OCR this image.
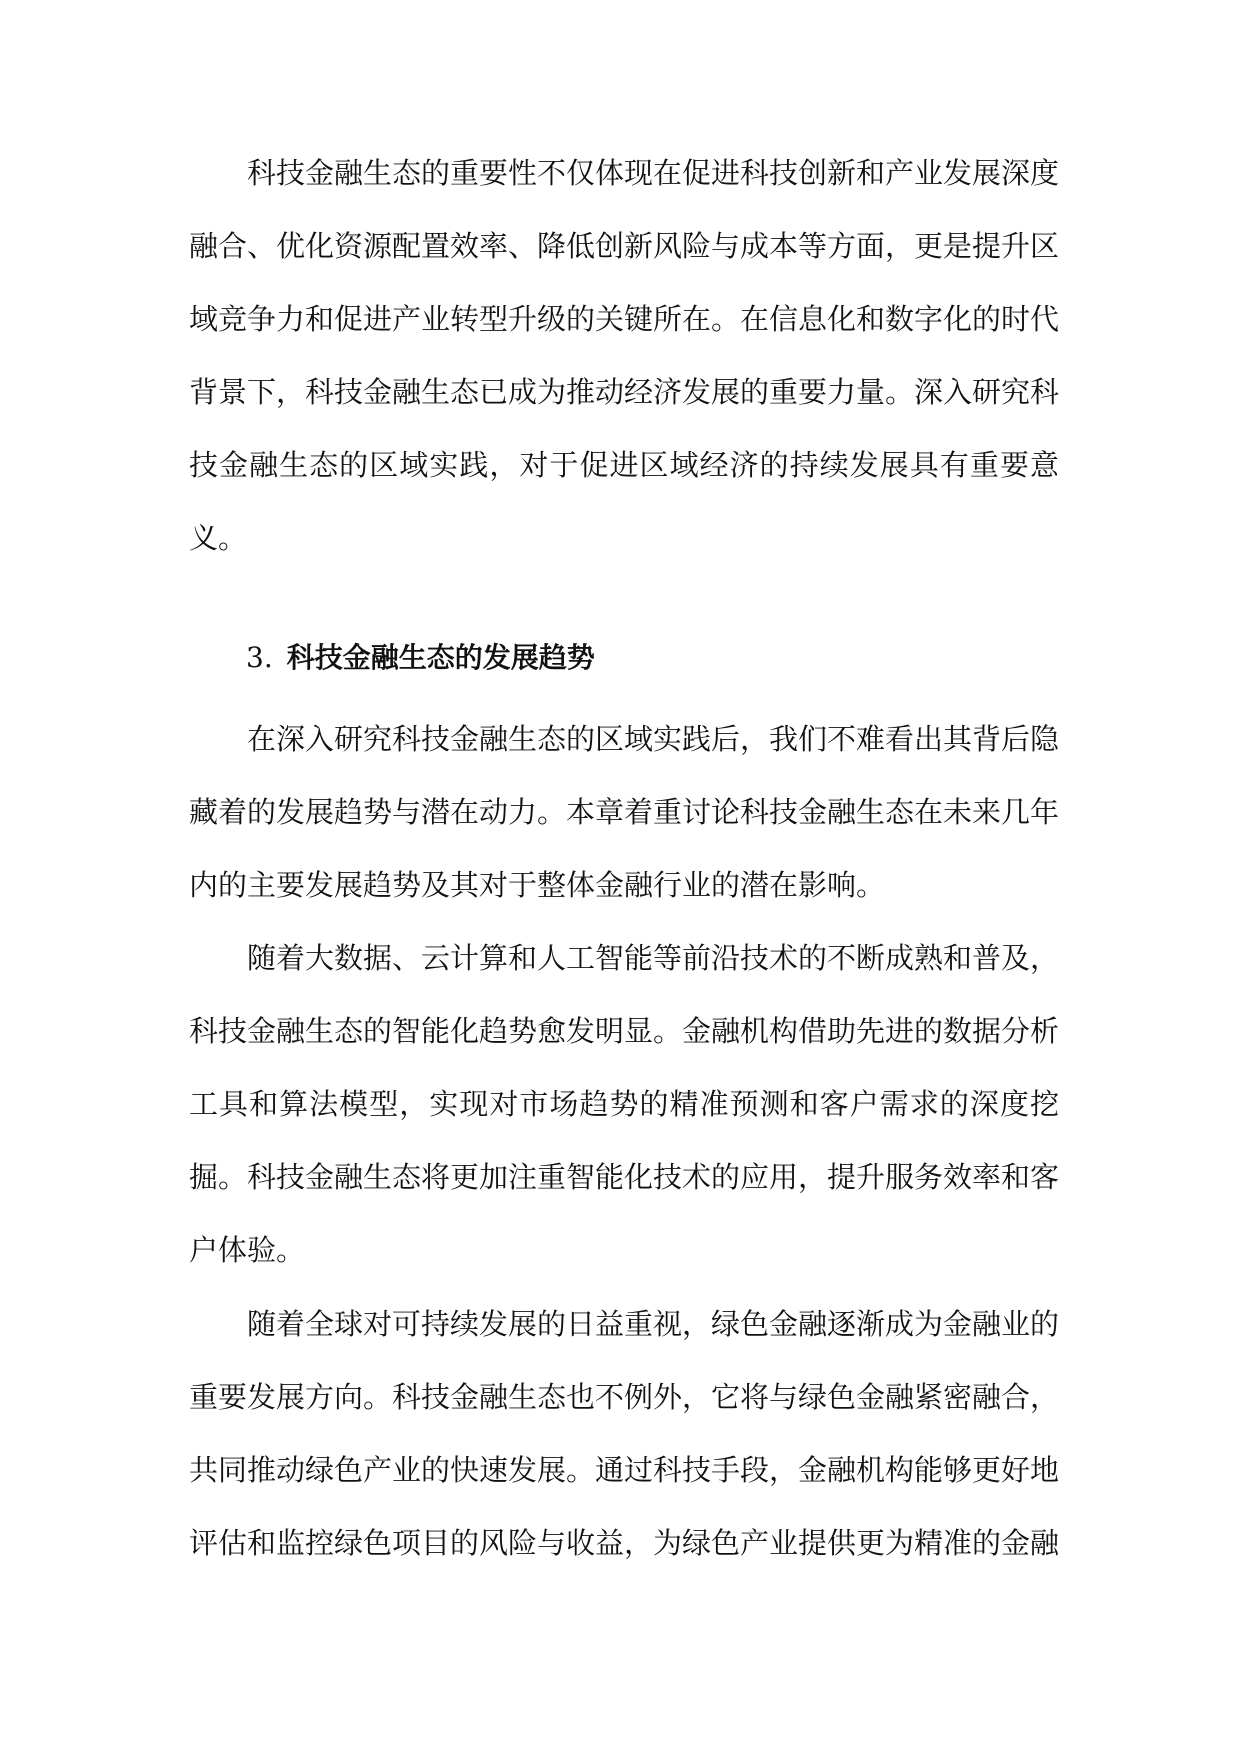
科技金融生态的重要性不仅体现在促进科技创新和产业发展深度融合、优化资源配置效率、降低创新风险与成本等方面，更是提升区域竞争力和促进产业转型升级的关键所在。在信息化和数字化的时代背景下，科技金融生态已成为推动经济发展的重要力量。深入研究科技金融生态的区域实践，对于促进区域经济的持续发展具有重要意义。

3. 科技金融生态的发展趋势

在深入研究科技金融生态的区域实践后，我们不难看出其背后隐藏着的发展趋势与潜在动力。本章着重讨论科技金融生态在未来几年内的主要发展趋势及其对于整体金融行业的潜在影响。

随着大数据、云计算和人工智能等前沿技术的不断成熟和普及，科技金融生态的智能化趋势愈发明显。金融机构借助先进的数据分析工具和算法模型，实现对市场趋势的精准预测和客户需求的深度挖掘。科技金融生态将更加注重智能化技术的应用，提升服务效率和客户体验。

随着全球对可持续发展的日益重视，绿色金融逐渐成为金融业的重要发展方向。科技金融生态也不例外，它将与绿色金融紧密融合，共同推动绿色产业的快速发展。通过科技手段，金融机构能够更好地评估和监控绿色项目的风险与收益，为绿色产业提供更为精准的金融
